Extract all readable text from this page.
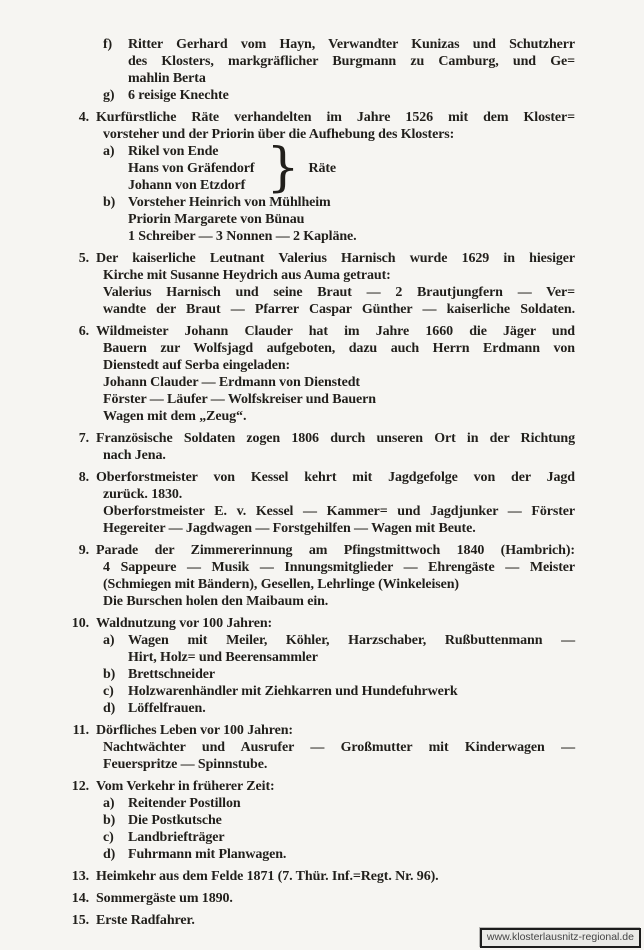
f)	Ritter Gerhard vom Hayn, Verwandter Kunizas und Schutzherr
des Klosters, markgräflicher Burgmann zu Camburg, und Ge=
mahlin Berta
g) 6 reisige Knechte
4. Kurfürstliche Räte verhandelten im Jahre 1526 mit dem Kloster=
vorsteher und der Priorin über die Aufhebung des Klosters:
a) Rikel von Ende
Hans von Gräfendorf
Johann von Etzdorf } Räte
b) Vorsteher Heinrich von Mühlheim
Priorin Margarete von Bünau
1 Schreiber — 3 Nonnen — 2 Kapläne.
5. Der kaiserliche Leutnant Valerius Harnisch wurde 1629 in hiesiger
Kirche mit Susanne Heydrich aus Auma getraut:
Valerius Harnisch und seine Braut — 2 Brautjungfern — Ver=
wandte der Braut — Pfarrer Caspar Günther — kaiserliche Soldaten.
6. Wildmeister Johann Clauder hat im Jahre 1660 die Jäger und
Bauern zur Wolfsjagd aufgeboten, dazu auch Herrn Erdmann von
Dienstedt auf Serba eingeladen:
Johann Clauder — Erdmann von Dienstedt
Förster — Läufer — Wolfskreiser und Bauern
Wagen mit dem „Zeug“.
7. Französische Soldaten zogen 1806 durch unseren Ort in der Richtung
nach Jena.
8. Oberforstmeister von Kessel kehrt mit Jagdgefolge von der Jagd
zurück. 1830.
Oberforstmeister E. v. Kessel — Kammer= und Jagdjunker — Förster
Hegereiter — Jagdwagen — Forstgehilfen — Wagen mit Beute.
9. Parade der Zimmererinnung am Pfingstmittwoch 1840 (Hambrich):
4 Sappeure — Musik — Innungsmitglieder — Ehrengäste — Meister
(Schmiegen mit Bändern), Gesellen, Lehrlinge (Winkeleisen)
Die Burschen holen den Maibaum ein.
10. Waldnutzung vor 100 Jahren:
a) Wagen mit Meiler, Köhler, Harzschaber, Rußbuttenmann —
Hirt, Holz= und Beerensammler
b) Brettschneider
c)	Holzwarenhändler mit Ziehkarren und Hundefuhrwerk
d) Löffelfrauen.
11. Dörfliches Leben vor 100 Jahren:
Nachtwächter und Ausrufer — Großmutter mit Kinderwagen —
Feuerspritze — Spinnstube.
12. Vom Verkehr in früherer Zeit:
a) Reitender Postillon
b) Die Postkutsche
c)	Landbriefträger
d) Fuhrmann mit Planwagen.
13. Heimkehr aus dem Felde 1871 (7. Thür. Inf.=Regt. Nr. 96).
14. Sommergäste um 1890.
15. Erste Radfahrer.
www.klosterlausnitz-regional.de
